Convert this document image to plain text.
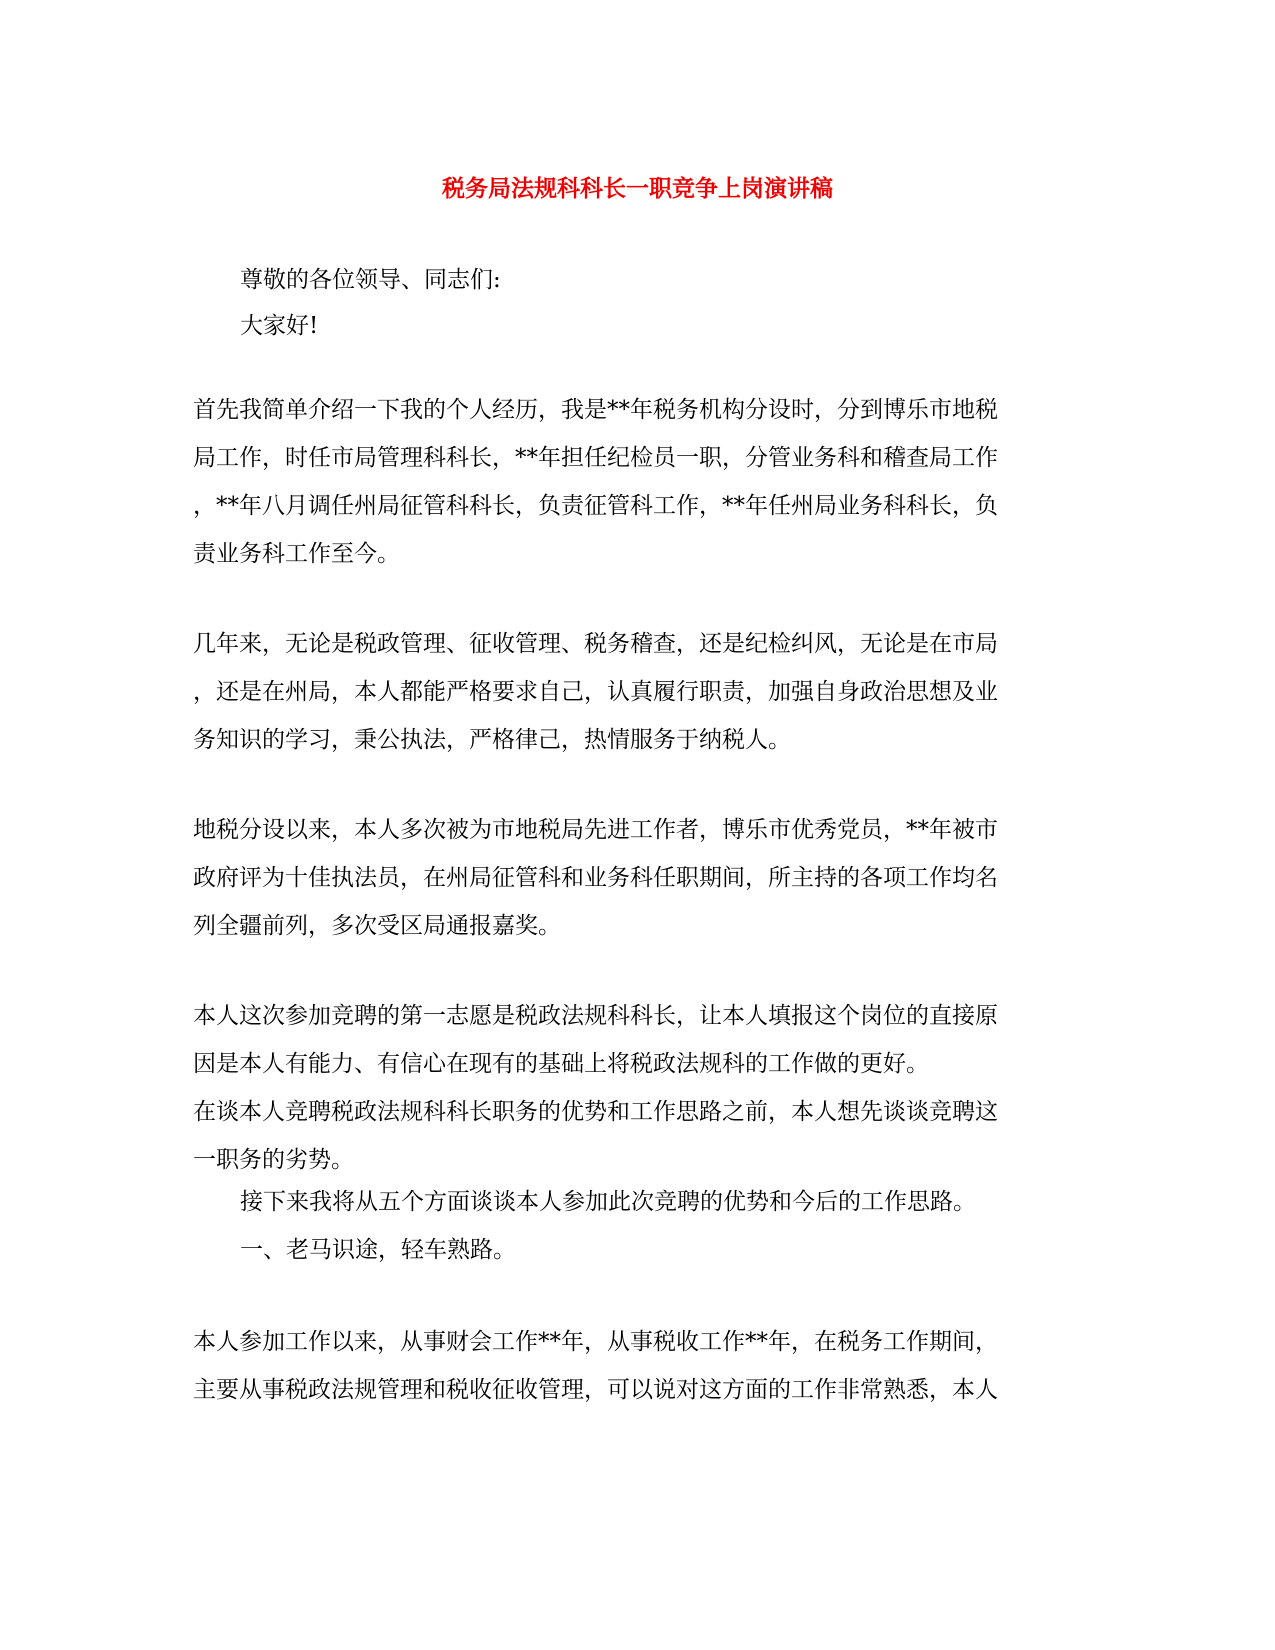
税务局法规科科长一职竞争上岗演讲稿

尊敬的各位领导、同志们:

大家好!

首先我简单介绍一下我的个人经历，我是**年税务机构分设时，分到博乐市地税
局工作，时任市局管理科科长，**年担任纪检员一职，分管业务科和稽查局工作
，**年八月调任州局征管科科长，负责征管科工作，**年任州局业务科科长，负
责业务科工作至今。
几年来，无论是税政管理、征收管理、税务稽查，还是纪检纠风，无论是在市局
，还是在州局，本人都能严格要求自己，认真履行职责，加强自身政治思想及业
务知识的学习，秉公执法，严格律己，热情服务于纳税人。
地税分设以来，本人多次被为市地税局先进工作者，博乐市优秀党员，**年被市
政府评为十佳执法员，在州局征管科和业务科任职期间，所主持的各项工作均名
列全疆前列，多次受区局通报嘉奖。
本人这次参加竞聘的第一志愿是税政法规科科长，让本人填报这个岗位的直接原
因是本人有能力、有信心在现有的基础上将税政法规科的工作做的更好。
在谈本人竞聘税政法规科科长职务的优势和工作思路之前，本人想先谈谈竞聘这
一职务的劣势。

接下来我将从五个方面谈谈本人参加此次竞聘的优势和今后的工作思路。

一、老马识途，轻车熟路。

本人参加工作以来，从事财会工作**年，从事税收工作**年，在税务工作期间，
主要从事税政法规管理和税收征收管理，可以说对这方面的工作非常熟悉，本人
